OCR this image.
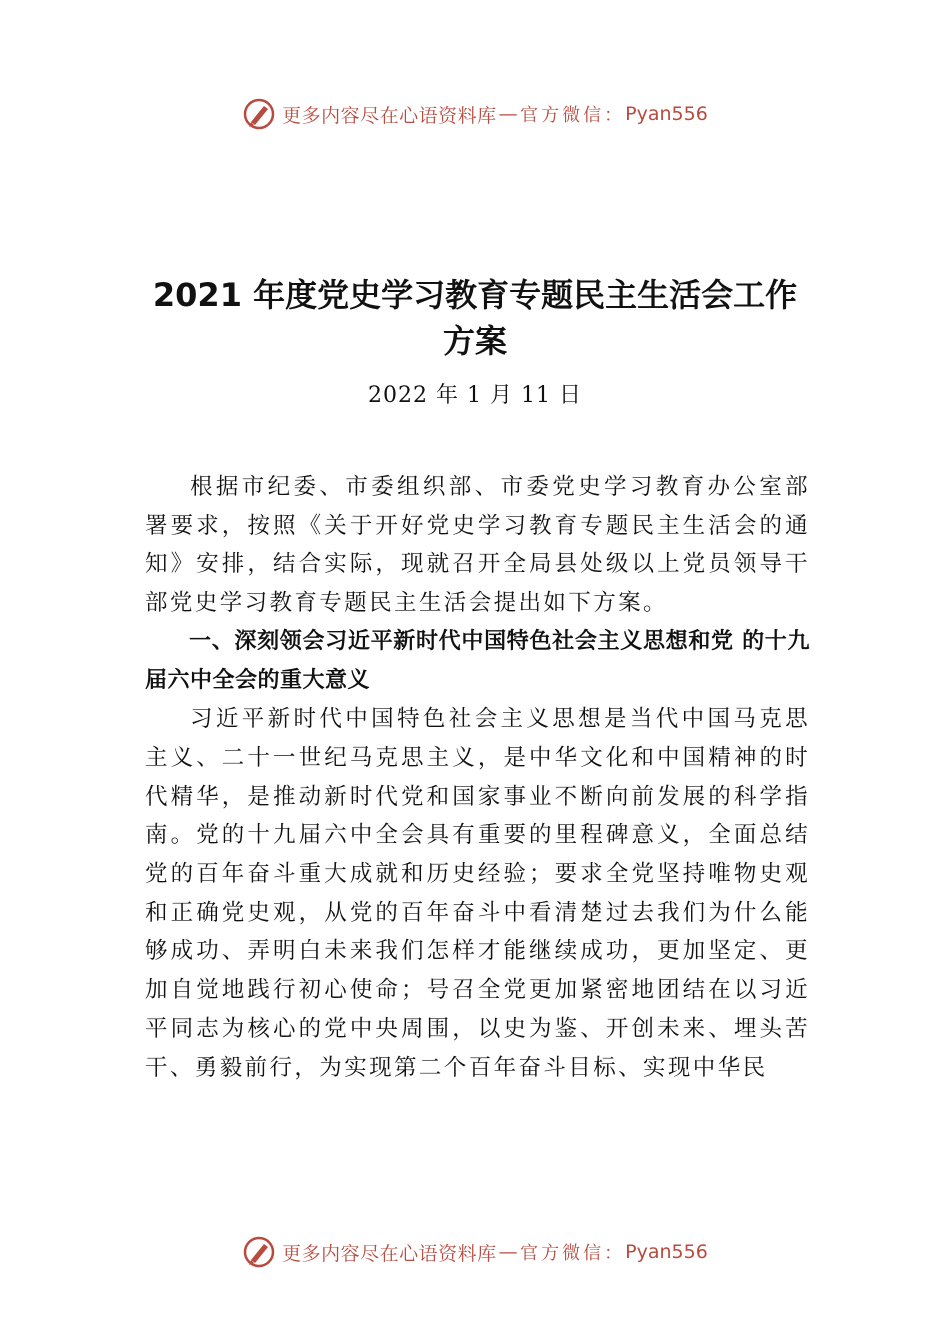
更多内容尽在心语资料库 — 官方微信： Pyan556
2021 年度党史学习教育专题民主生活会工作方案
2022 年 1 月 11 日

根据市纪委、市委组织部、市委党史学习教育办公室部署要求，按照《关于开好党史学习教育专题民主生活会的通知》安排，结合实际，现就召开全局县处级以上党员领导干部党史学习教育专题民主生活会提出如下方案。

一、深刻领会习近平新时代中国特色社会主义思想和党 的十九届六中全会的重大意义

习近平新时代中国特色社会主义思想是当代中国马克思主义、二十一世纪马克思主义，是中华文化和中国精神的时代精华，是推动新时代党和国家事业不断向前发展的科学指南。党的十九届六中全会具有重要的里程碑意义，全面总结党的百年奋斗重大成就和历史经验；要求全党坚持唯物史观和正确党史观，从党的百年奋斗中看清楚过去我们为什么能够成功、弄明白未来我们怎样才能继续成功，更加坚定、更加自觉地践行初心使命；号召全党更加紧密地团结在以习近平同志为核心的党中央周围，以史为鉴、开创未来、埋头苦干、勇毅前行，为实现第二个百年奋斗目标、实现中华民

更多内容尽在心语资料库 — 官方微信： Pyan556
